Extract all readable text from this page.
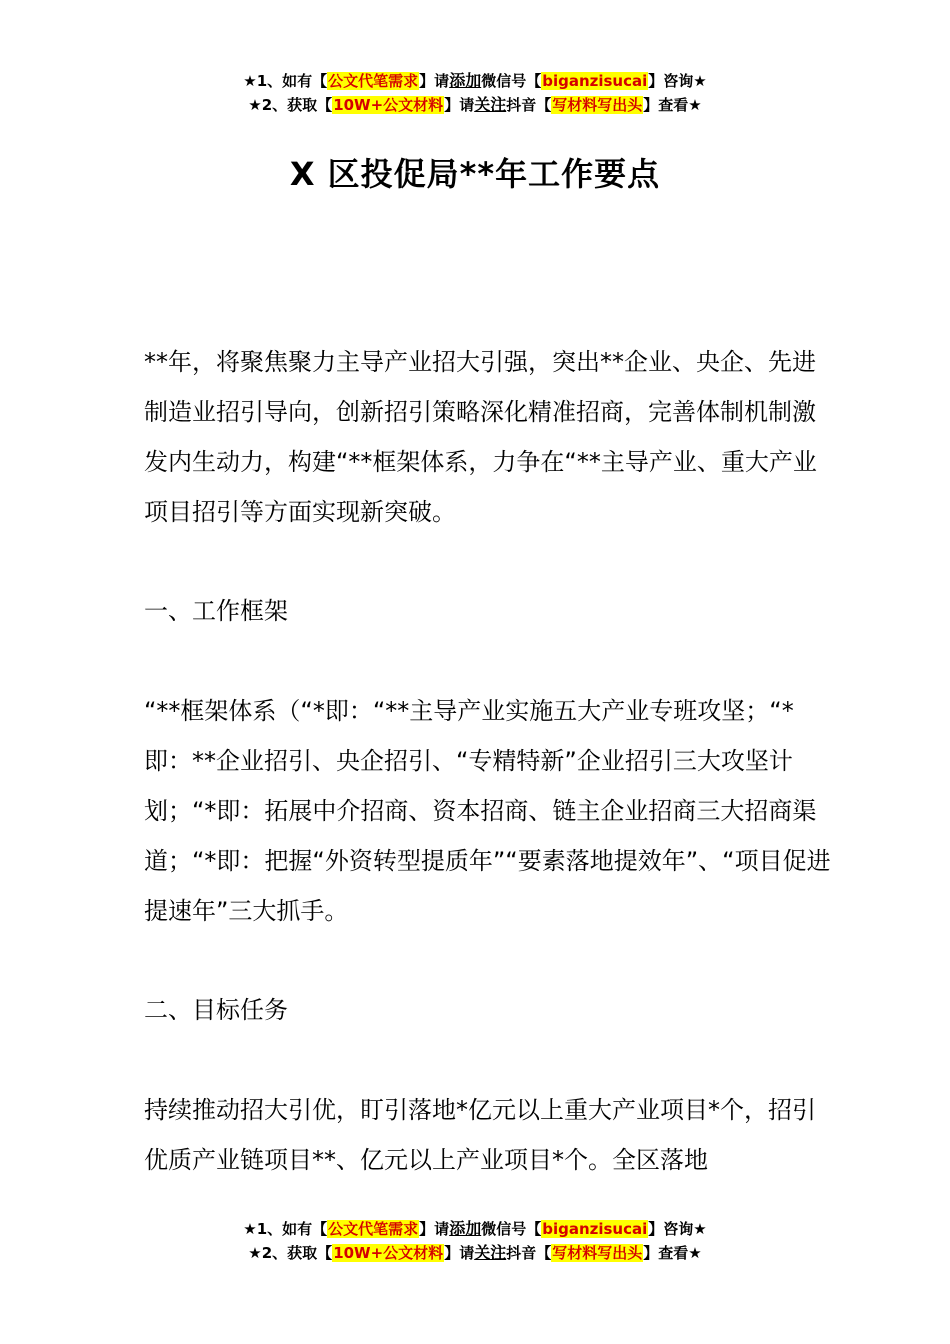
★1、如有【公文代笔需求】请添加微信号【biganzisucai】咨询★
★2、获取【10W+公文材料】请关注抖音【写材料写出头】查看★
X 区投促局**年工作要点

**年，将聚焦聚力主导产业招大引强，突出**企业、央企、先进制造业招引导向，创新招引策略深化精准招商，完善体制机制激发内生动力，构建“**框架体系，力争在“**主导产业、重大产业项目招引等方面实现新突破。

一、工作框架

“**框架体系（“*即：“**主导产业实施五大产业专班攻坚；“*即：**企业招引、央企招引、“专精特新”企业招引三大攻坚计划；“*即：拓展中介招商、资本招商、链主企业招商三大招商渠道；“*即：把握“外资转型提质年”“要素落地提效年”、“项目促进提速年”三大抓手。

二、目标任务

持续推动招大引优，盯引落地*亿元以上重大产业项目*个，招引优质产业链项目**、亿元以上产业项目*个。全区落地

★1、如有【公文代笔需求】请添加微信号【biganzisucai】咨询★
★2、获取【10W+公文材料】请关注抖音【写材料写出头】查看★
